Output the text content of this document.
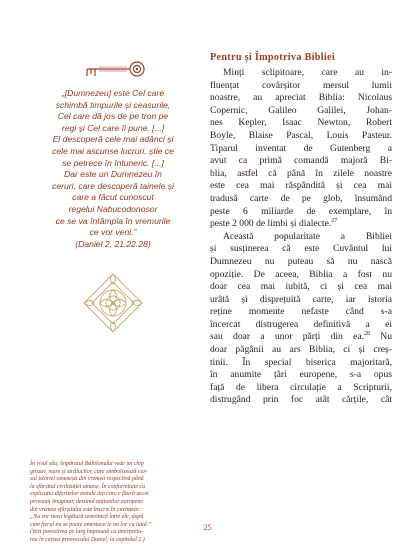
„[Dumnezeu] este Cel care
schimbă timpurile și ceasurile,
Cel care dă jos de pe tron pe
regi și Cel care îi pune. [...]
El descoperă cele mai adânci și
cele mai ascunse lucruri, știe ce
se petrece în întuneric. [...]
Dar este un Dumnezeu în
ceruri, care descoperă tainele și
care a făcut cunoscut
regelui Nabucodonosor
ce se va întâmpla în vremurile
ce vor veni.”
(Daniel 2, 21.22.28)
În visul său, împăratul Babilonului vede un chip
grozav, mare și strălucitor, care simbolizează cur-
sul istoriei omenești din vremea respectivă până
la sfârșitul civilizației umane. În conformitate cu
explicația diferitelor metale din care e făurit acest
personaj imaginar, destinul națiunilor europene
din vremea sfârșitului este înscris în cuvintele:
„Nu vor avea legătură temeinică între ele, după
cum fierul nu se poate amesteca le un loc cu lutul.”
(Vezi povestirea pe larg împreună cu interpreta-
rea în cartea proorocului Daniel, la capitolul 2.)
Pentru și Împotriva Bibliei
Minți sclipitoare, care au in-
fluențat covârșitor mersul lumii
noastre, au apreciat Biblia: Nicolaus
Copernic, Galileo Galilei, Johan-
nes Kepler, Isaac Newton, Robert
Boyle, Blaise Pascal, Louis Pasteur.
Tiparul inventat de Gutenberg a
avut ca primă comandă majoră Bi-
blia, astfel că până în zilele noastre
este cea mai răspândită și cea mai
tradusă carte de pe glob, însumând
peste 6 miliarde de exemplare, în
peste 2 000 de limbi și dialecte.$^{27}$
Această popularitate a Bibliei
și susținerea că este Cuvântul lui
Dumnezeu nu puteau să nu nască
opoziție. De aceea, Biblia a fost nu
doar cea mai iubită, ci și cea mai
urâtă și disprețuită carte, iar istoria
reține momente nefaste când s-a
încercat distrugerea definitivă a ei
sau doar a unor părți din ea.$^{28}$ Nu
doar păgânii au ars Biblia, ci și creș-
tinii. În special biserica majoritară,
în anumite țări europene, s-a opus
față de libera circulație a Scripturii,
distrugând prin foc atât cărțile, cât
25
